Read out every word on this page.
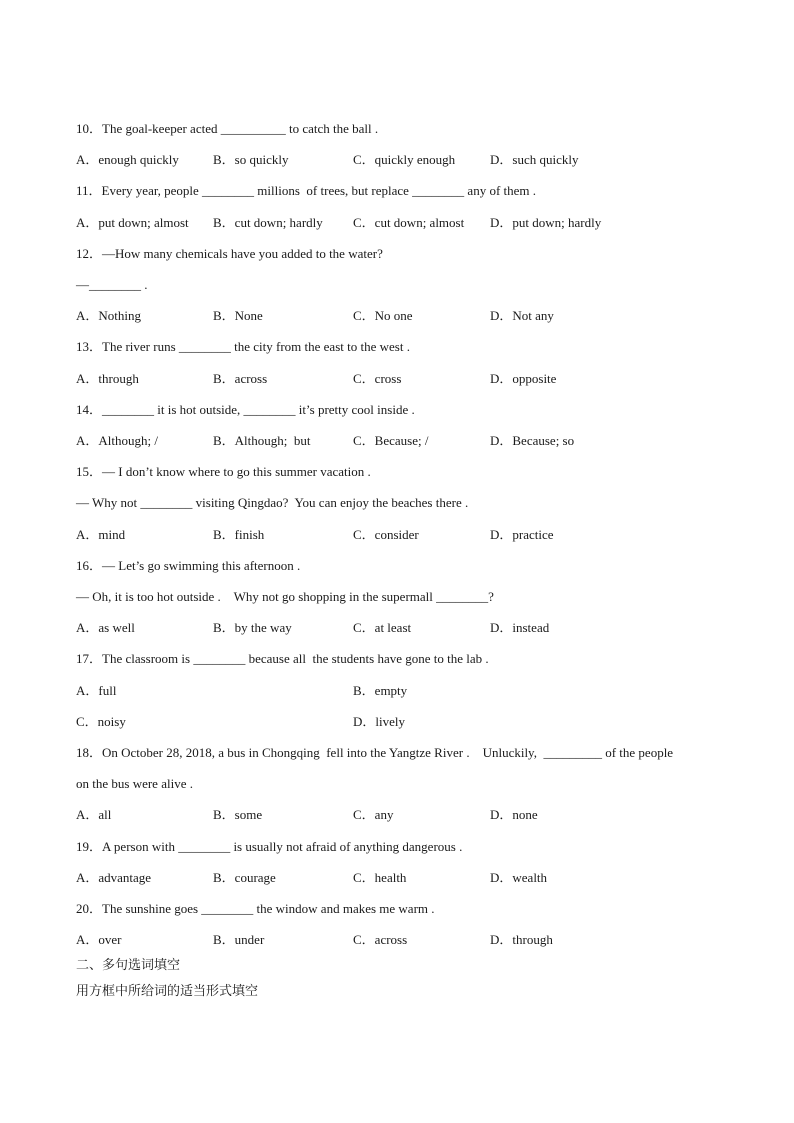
10．The goal-keeper acted __________ to catch the ball .
A．enough quickly	B．so quickly	C．quickly enough	D．such quickly
11．Every year, people ________ millions  of trees, but replace ________ any of them .
A．put down; almost B．cut down; hardly C．cut down; almost D．put down; hardly
12．—How many chemicals have you added to the water?
—________ .
A．Nothing	B．None	C．No one	D．Not any
13．The river runs ________ the city from the east to the west .
A．through	B．across	C．cross	D．opposite
14．________ it is hot outside, ________ it’s pretty cool inside .
A．Although; /	B．Although;  but	C．Because; /	D．Because; so
15．— I don’t know where to go this summer vacation .
— Why not ________ visiting Qingdao?  You can enjoy the beaches there .
A．mind	B．finish	C．consider	D．practice
16．— Let’s go swimming this afternoon .
— Oh, it is too hot outside .    Why not go shopping in the supermall ________?
A．as well	B．by the way	C．at least	D．instead
17．The classroom is ________ because all  the students have gone to the lab .
A．full	B．empty
C．noisy	D．lively
18．On October 28, 2018, a bus in Chongqing  fell into the Yangtze River .    Unluckily,  _________ of the people
on the bus were alive .
A．all	B．some	C．any	D．none
19．A person with ________ is usually not afraid of anything dangerous .
A．advantage	B．courage	C．health	D．wealth
20．The sunshine goes ________ the window and makes me warm .
A．over	B．under	C．across	D．through
二、多句选词填空
用方框中所给词的适当形式填空
